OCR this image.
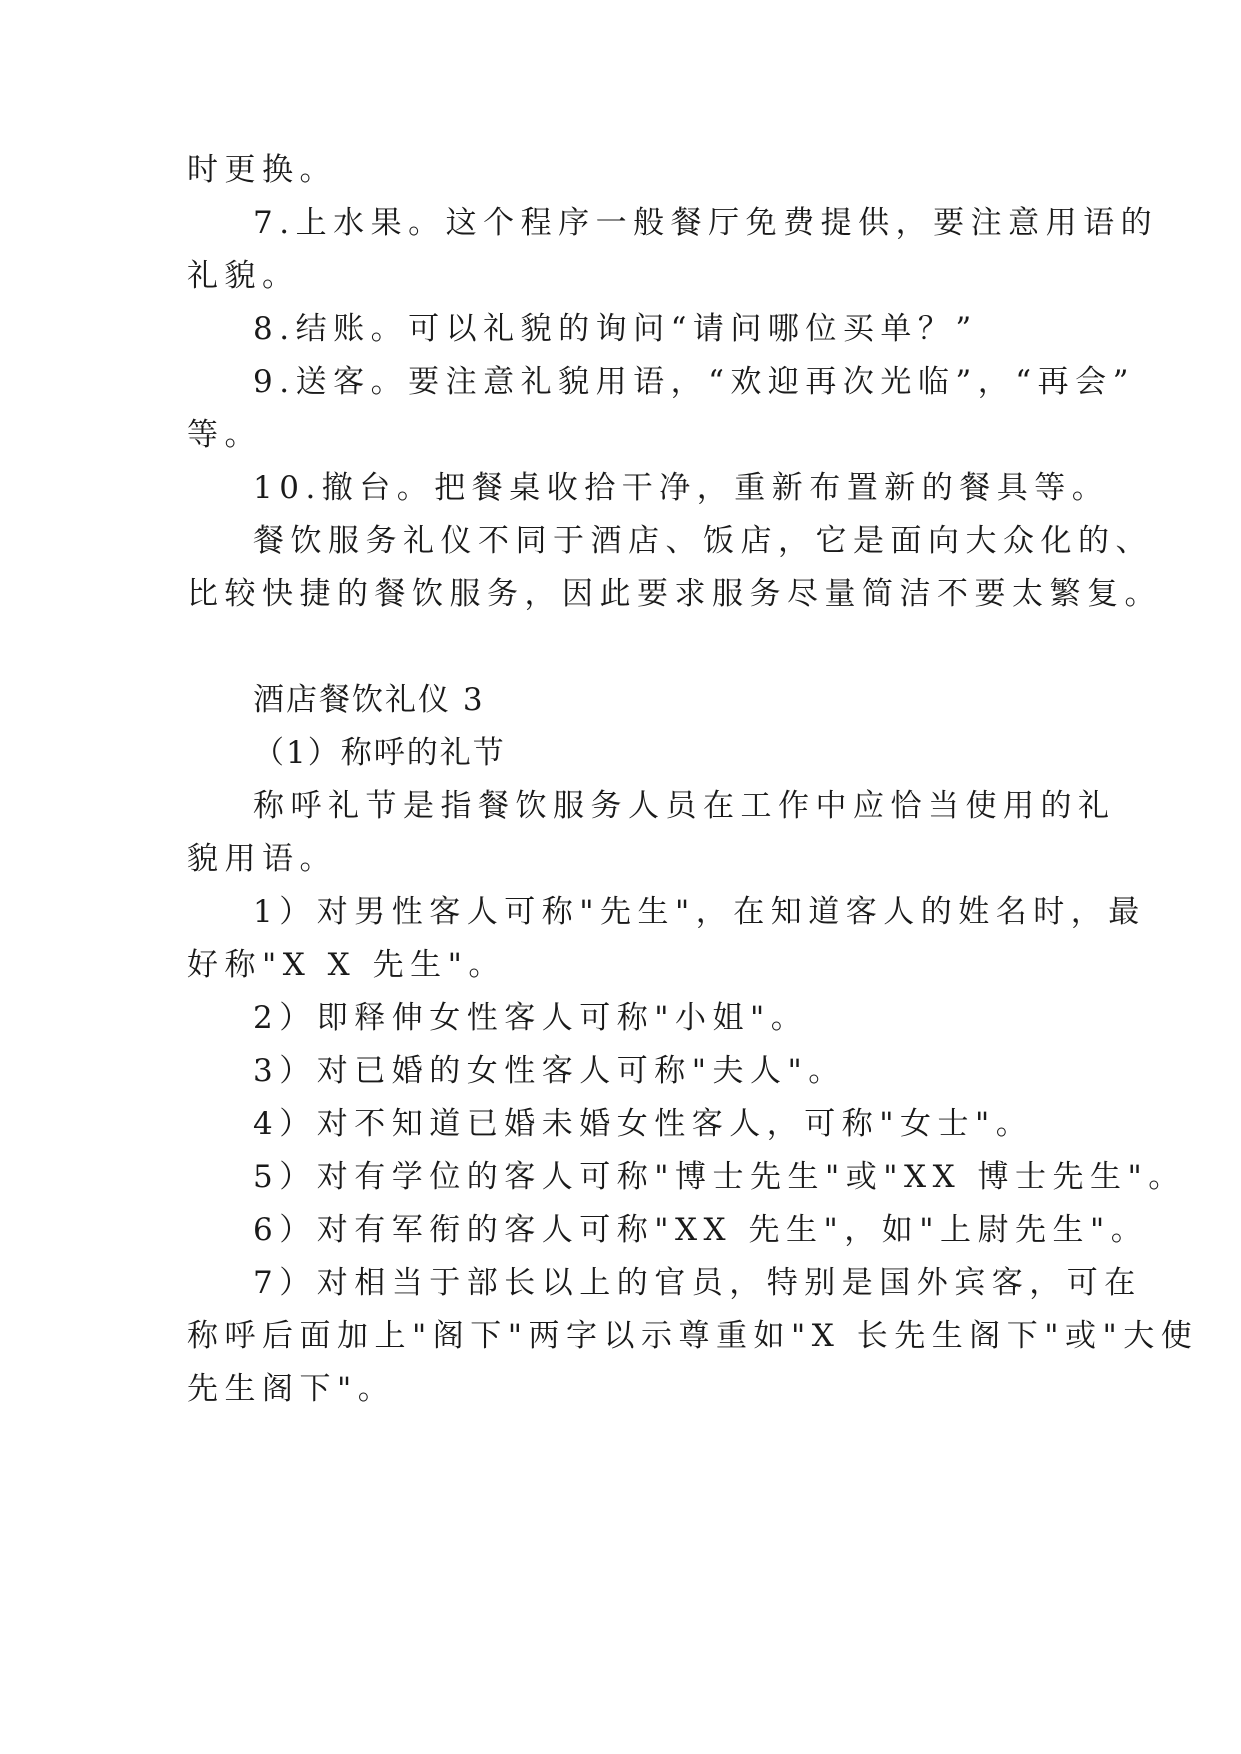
时更换。
7.上水果。这个程序一般餐厅免费提供，要注意用语的
礼貌。
8.结账。可以礼貌的询问“请问哪位买单？”
9.送客。要注意礼貌用语，“欢迎再次光临”，“再会”
等。
10.撤台。把餐桌收拾干净，重新布置新的餐具等。
餐饮服务礼仪不同于酒店、饭店，它是面向大众化的、
比较快捷的餐饮服务，因此要求服务尽量简洁不要太繁复。
酒店餐饮礼仪 3
（1）称呼的礼节
称呼礼节是指餐饮服务人员在工作中应恰当使用的礼
貌用语。
1）对男性客人可称"先生"，在知道客人的姓名时，最
好称"X X 先生"。
2）即释伸女性客人可称"小姐"。
3）对已婚的女性客人可称"夫人"。
4）对不知道已婚未婚女性客人，可称"女士"。
5）对有学位的客人可称"博士先生"或"XX 博士先生"。
6）对有军衔的客人可称"XX 先生"，如"上尉先生"。
7）对相当于部长以上的官员，特别是国外宾客，可在
称呼后面加上"阁下"两字以示尊重如"X 长先生阁下"或"大使
先生阁下"。
